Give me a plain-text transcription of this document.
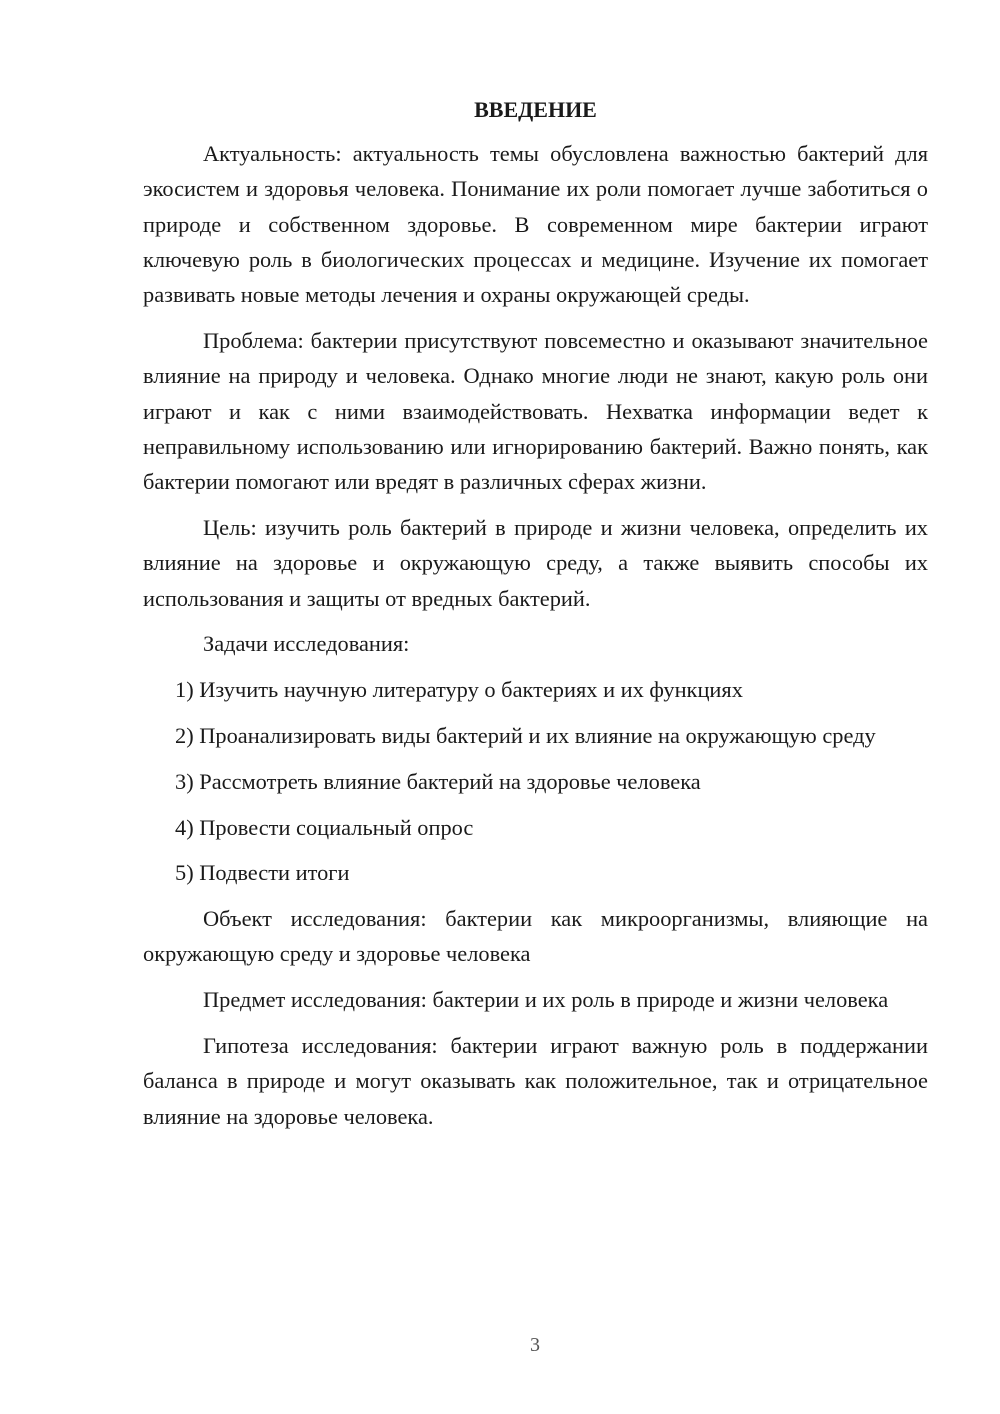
ВВЕДЕНИЕ

Актуальность: актуальность темы обусловлена важностью бактерий для экосистем и здоровья человека. Понимание их роли помогает лучше заботиться о природе и собственном здоровье. В современном мире бактерии играют ключевую роль в биологических процессах и медицине. Изучение их помогает развивать новые методы лечения и охраны окружающей среды.

Проблема: бактерии присутствуют повсеместно и оказывают значительное влияние на природу и человека. Однако многие люди не знают, какую роль они играют и как с ними взаимодействовать. Нехватка информации ведет к неправильному использованию или игнорированию бактерий. Важно понять, как бактерии помогают или вредят в различных сферах жизни.

Цель: изучить роль бактерий в природе и жизни человека, определить их влияние на здоровье и окружающую среду, а также выявить способы их использования и защиты от вредных бактерий.

Задачи исследования:

1) Изучить научную литературу о бактериях и их функциях

2) Проанализировать виды бактерий и их влияние на окружающую среду

3) Рассмотреть влияние бактерий на здоровье человека

4) Провести социальный опрос

5) Подвести итоги

Объект исследования: бактерии как микроорганизмы, влияющие на окружающую среду и здоровье человека

Предмет исследования: бактерии и их роль в природе и жизни человека

Гипотеза исследования: бактерии играют важную роль в поддержании баланса в природе и могут оказывать как положительное, так и отрицательное влияние на здоровье человека.

3
